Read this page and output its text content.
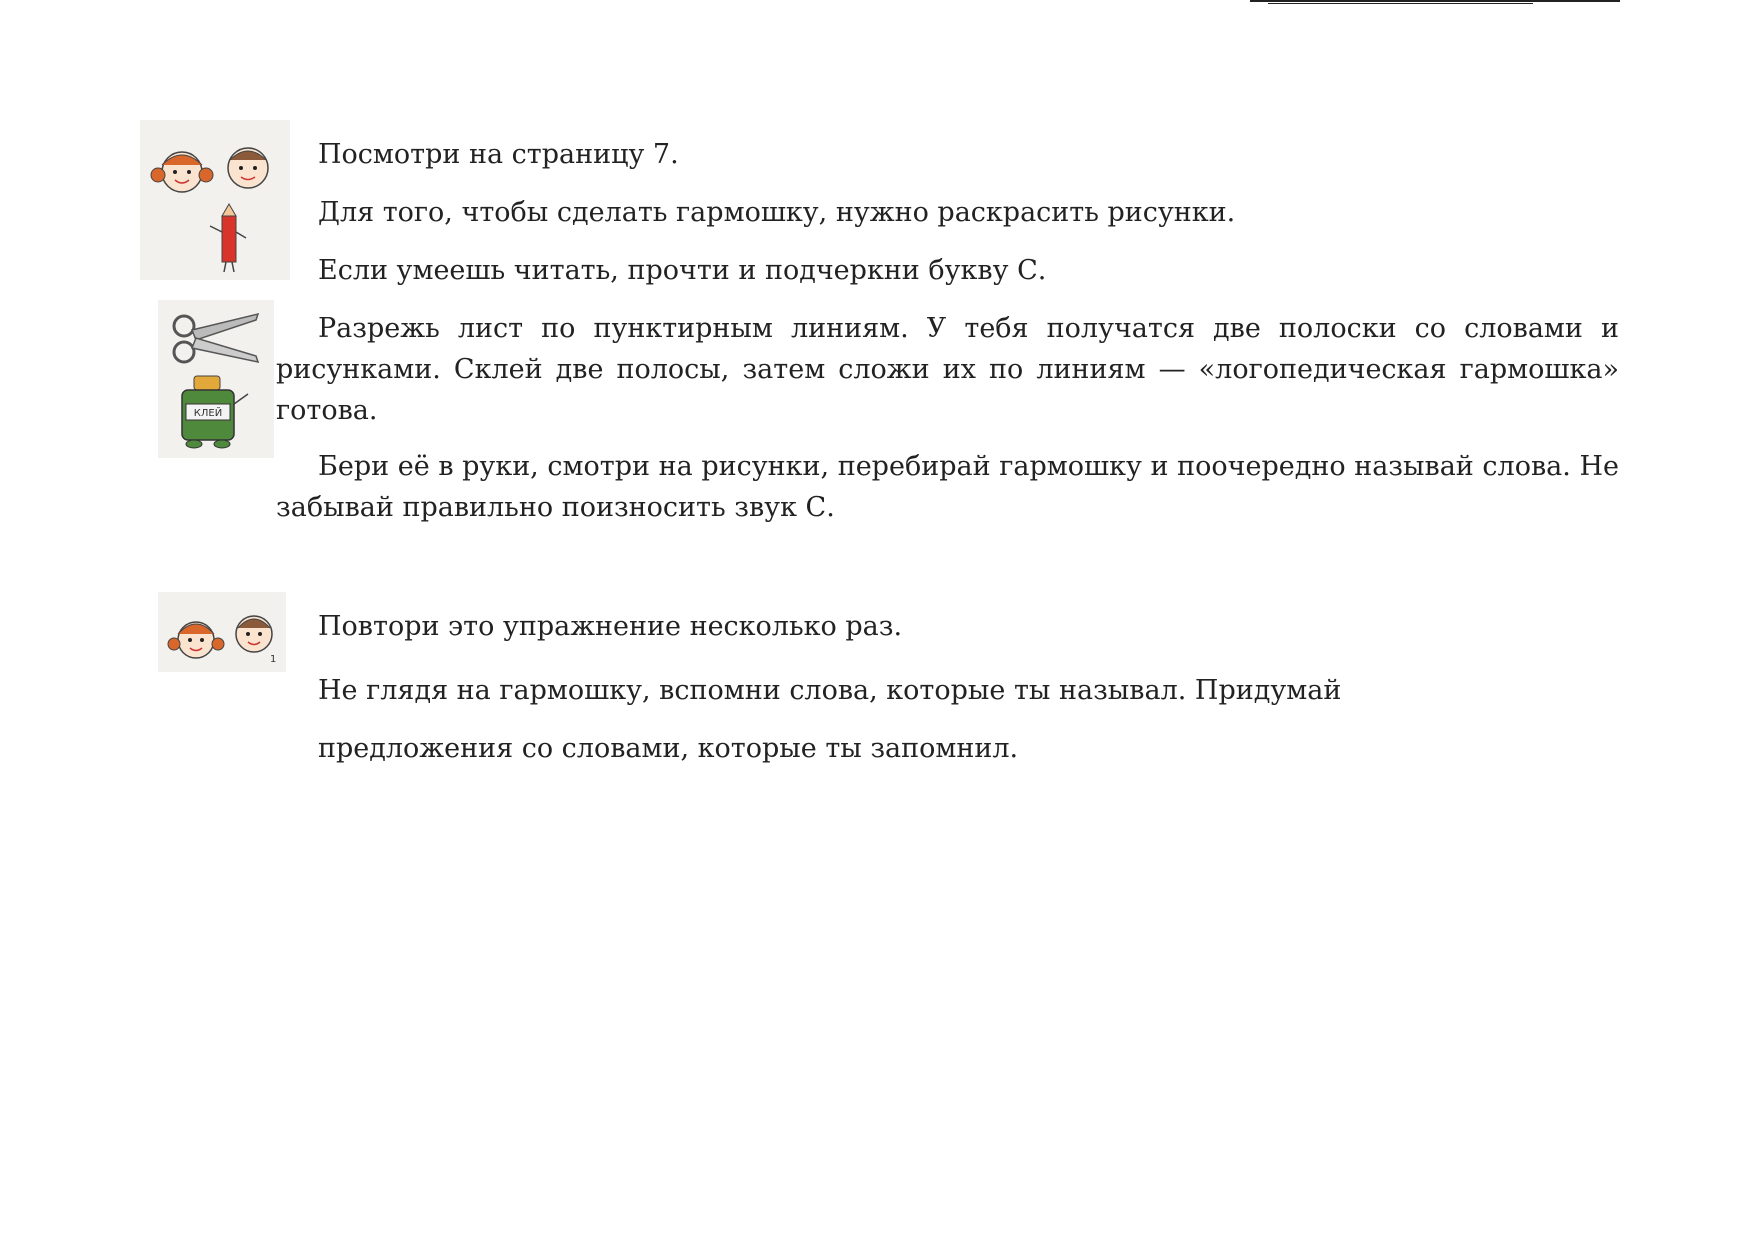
КЛЕЙ
1

Посмотри на страницу 7.

Для того, чтобы сделать гармошку, нужно раскрасить рисунки.

Если умеешь читать, прочти и подчеркни букву С.

Разрежь лист по пунктирным линиям. У тебя получатся две полоски со словами и рисунками. Склей две полосы, затем сложи их по линиям — «логопедическая гармошка» готова.

Бери её в руки, смотри на рисунки, перебирай гармошку и поочередно называй слова. Не забывай правильно поизносить звук С.

Повтори это упражнение несколько раз.

Не глядя на гармошку, вспомни слова, которые ты называл. Придумай

предложения со словами, которые ты запомнил.
